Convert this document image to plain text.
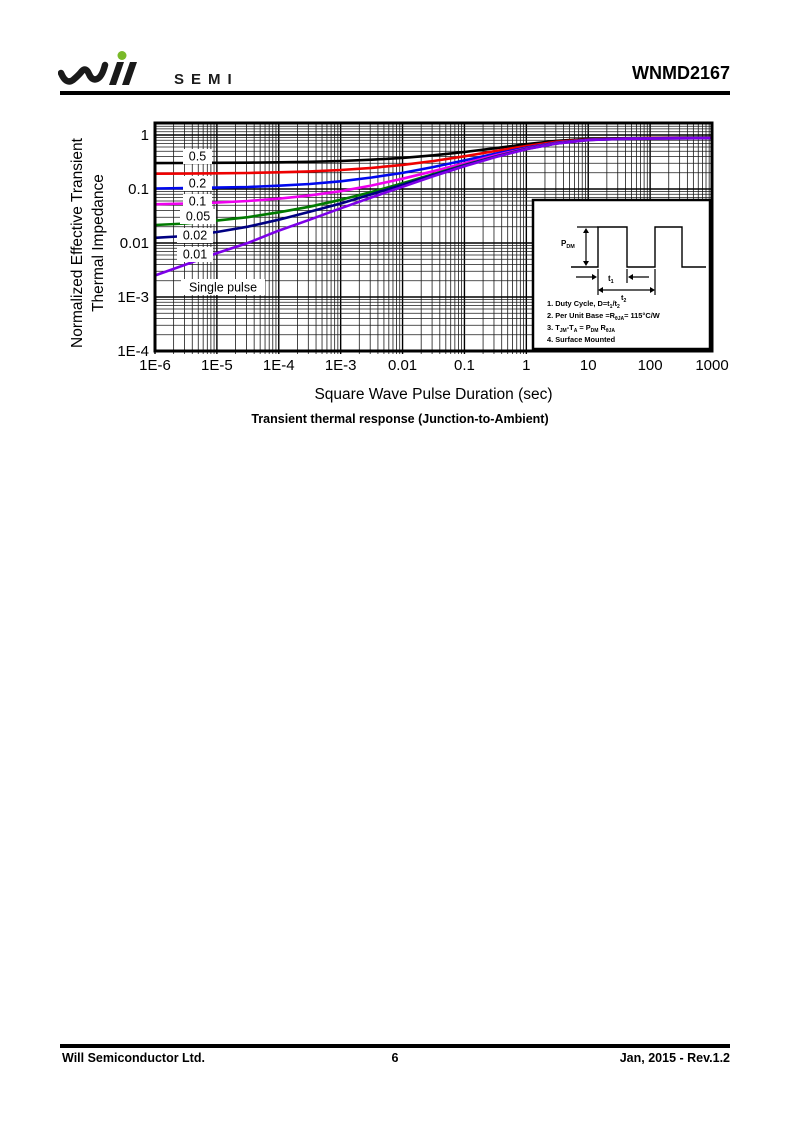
SEMI	WNMD2167
0.5
0.2
0.1
0.05
0.02
0.01
Single pulse
$P_{DM}$
$t_1$
$t_2$
1. Duty Cycle, $D=t_1/t_2$
2. Per Unit Base $=R_{\theta JA}= 115^\circ C/W$
3. $T_{JM}-T_A = P_{DM}$ $R_{\theta JA}$
4. Surface Mounted
1E-6 1E-5 1E-4 1E-3 0.01 0.1	1	10	100 1000
1
0.1
0.01
1E-3
1E-4
Square Wave Pulse Duration (sec)
Normalized Effective Transient Thermal Impedance
Transient thermal response (Junction-to-Ambient)
Will Semiconductor Ltd.	6	Jan, 2015 - Rev.1.2
